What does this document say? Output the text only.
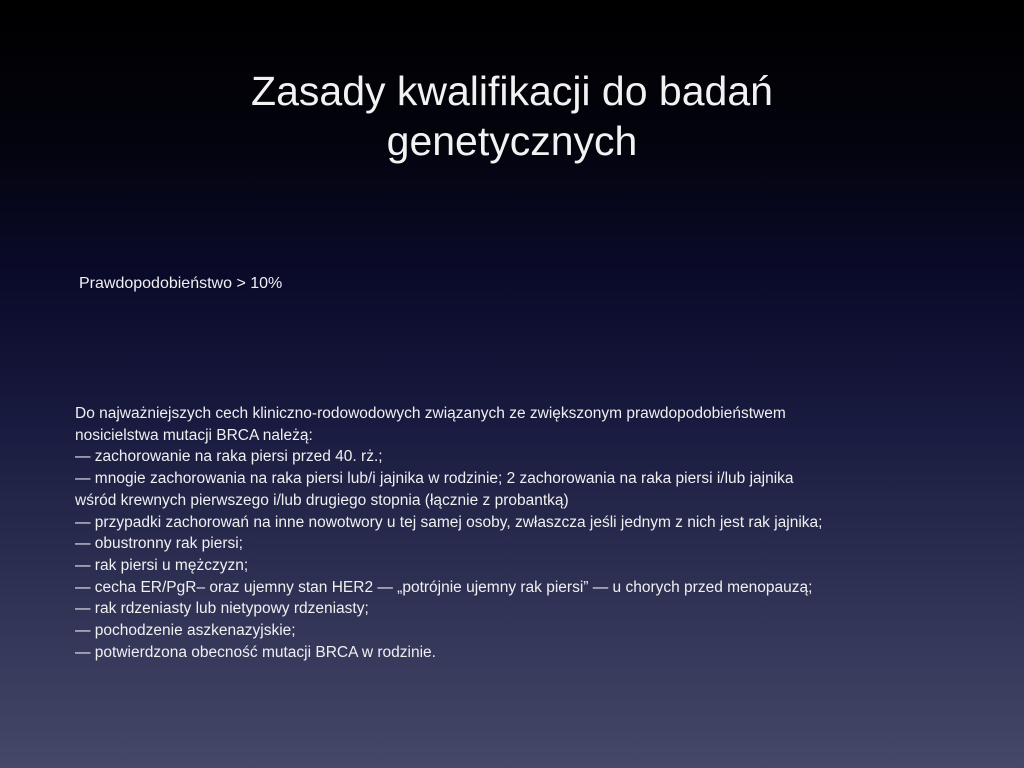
Zasady kwalifikacji do badań
genetycznych
Prawdopodobieństwo > 10%
Do najważniejszych cech kliniczno-rodowodowych związanych ze zwiększonym prawdopodobieństwem
nosicielstwa mutacji BRCA należą:
— zachorowanie na raka piersi przed 40. rż.;
— mnogie zachorowania na raka piersi lub/i jajnika w rodzinie; 2 zachorowania na raka piersi i/lub jajnika
wśród krewnych pierwszego i/lub drugiego stopnia (łącznie z probantką)
— przypadki zachorowań na inne nowotwory u tej samej osoby, zwłaszcza jeśli jednym z nich jest rak jajnika;
— obustronny rak piersi;
— rak piersi u mężczyzn;
— cecha ER/PgR– oraz ujemny stan HER2 — „potrójnie ujemny rak piersi” — u chorych przed menopauzą;
— rak rdzeniasty lub nietypowy rdzeniasty;
— pochodzenie aszkenazyjskie;
— potwierdzona obecność mutacji BRCA w rodzinie.
